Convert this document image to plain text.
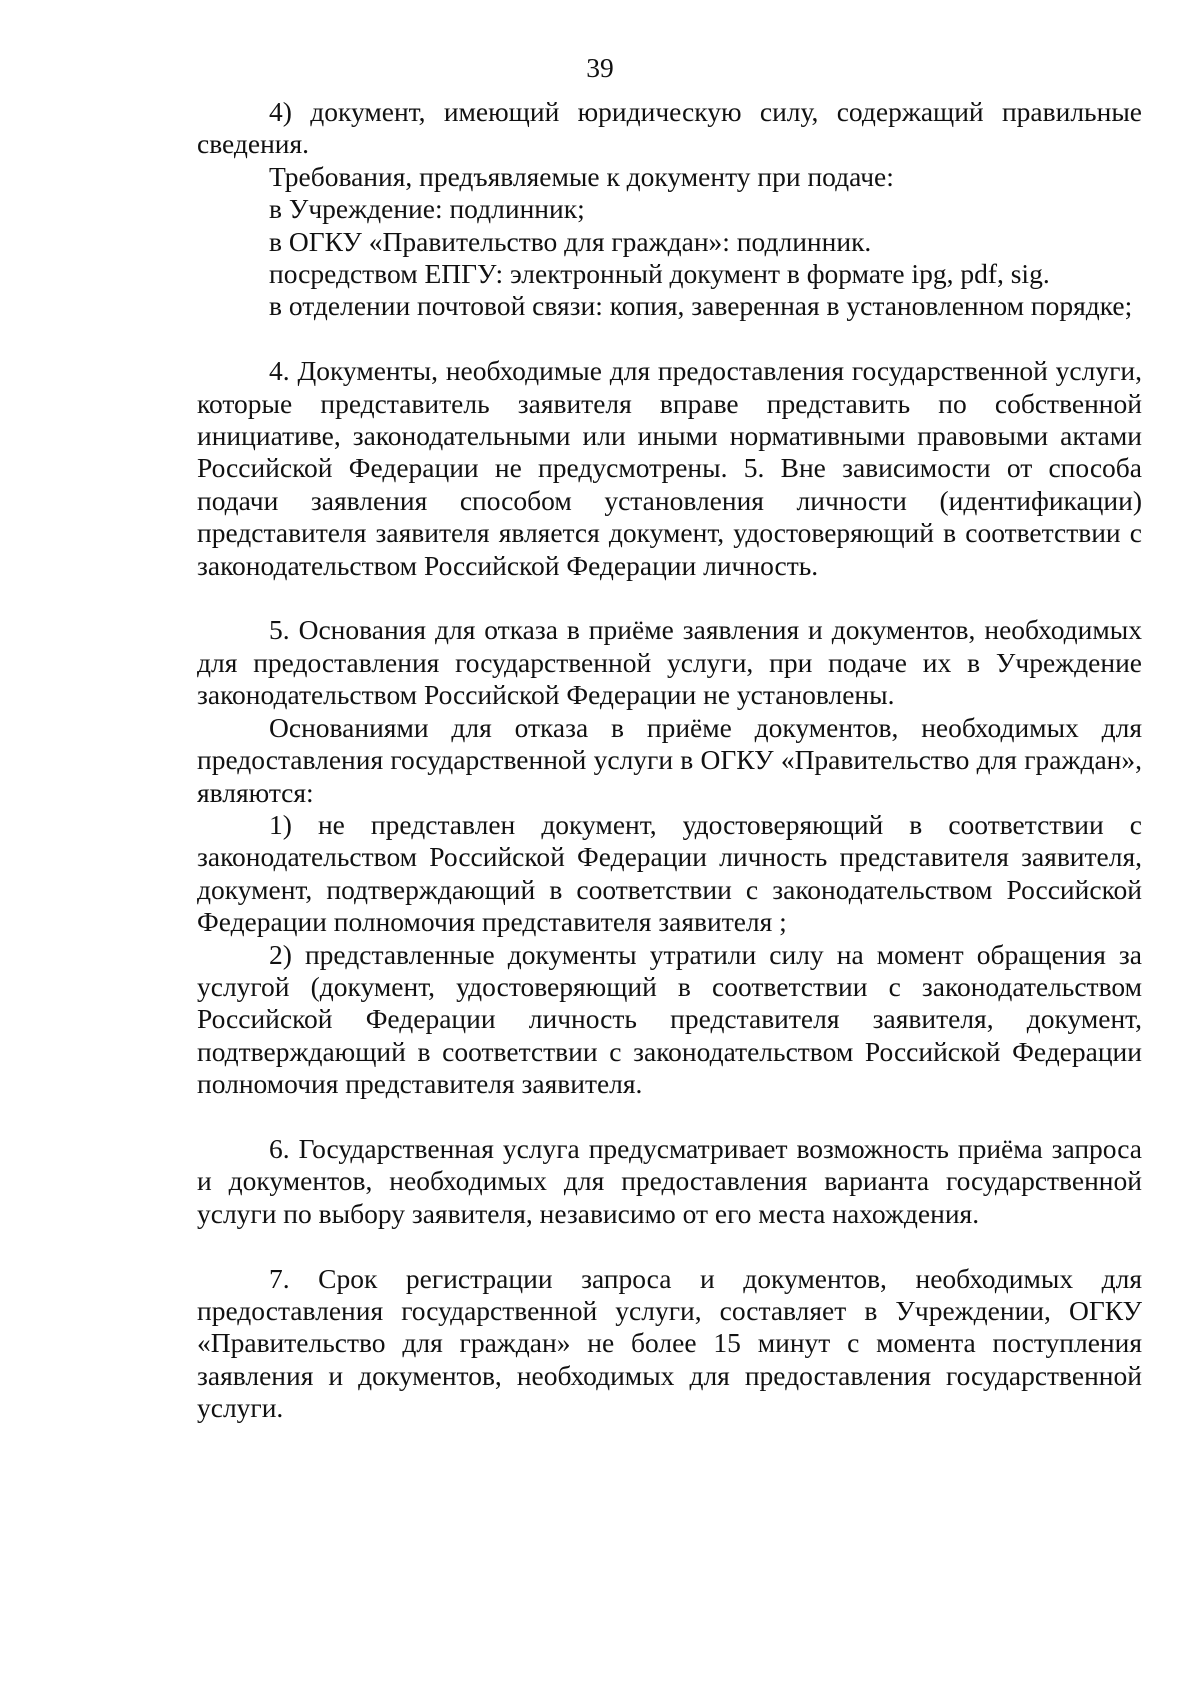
39

4) документ, имеющий юридическую силу, содержащий правильные сведения.

Требования, предъявляемые к документу при подаче:

в Учреждение: подлинник;

в ОГКУ «Правительство для граждан»: подлинник.

посредством ЕПГУ: электронный документ в формате ipg, pdf, sig.

в отделении почтовой связи: копия, заверенная в установленном порядке;

4. Документы, необходимые для предоставления государственной услуги, которые представитель заявителя вправе представить по собственной инициативе, законодательными или иными нормативными правовыми актами Российской Федерации не предусмотрены. 5. Вне зависимости от способа подачи заявления способом установления личности (идентификации) представителя заявителя является документ, удостоверяющий в соответствии с законодательством Российской Федерации личность.

5. Основания для отказа в приёме заявления и документов, необходимых для предоставления государственной услуги, при подаче их в Учреждение законодательством Российской Федерации не установлены.

Основаниями для отказа в приёме документов, необходимых для предоставления государственной услуги в ОГКУ «Правительство для граждан», являются:

1) не представлен документ, удостоверяющий в соответствии с законодательством Российской Федерации личность представителя заявителя, документ, подтверждающий в соответствии с законодательством Российской Федерации полномочия представителя заявителя ;

2) представленные документы утратили силу на момент обращения за услугой (документ, удостоверяющий в соответствии с законодательством Российской Федерации личность представителя заявителя, документ, подтверждающий в соответствии с законодательством Российской Федерации полномочия представителя заявителя.

6. Государственная услуга предусматривает возможность приёма запроса и документов, необходимых для предоставления варианта государственной услуги по выбору заявителя, независимо от его места нахождения.

7. Срок регистрации запроса и документов, необходимых для предоставления государственной услуги, составляет в Учреждении, ОГКУ «Правительство для граждан» не более 15 минут с момента поступления заявления и документов, необходимых для предоставления государственной услуги.
